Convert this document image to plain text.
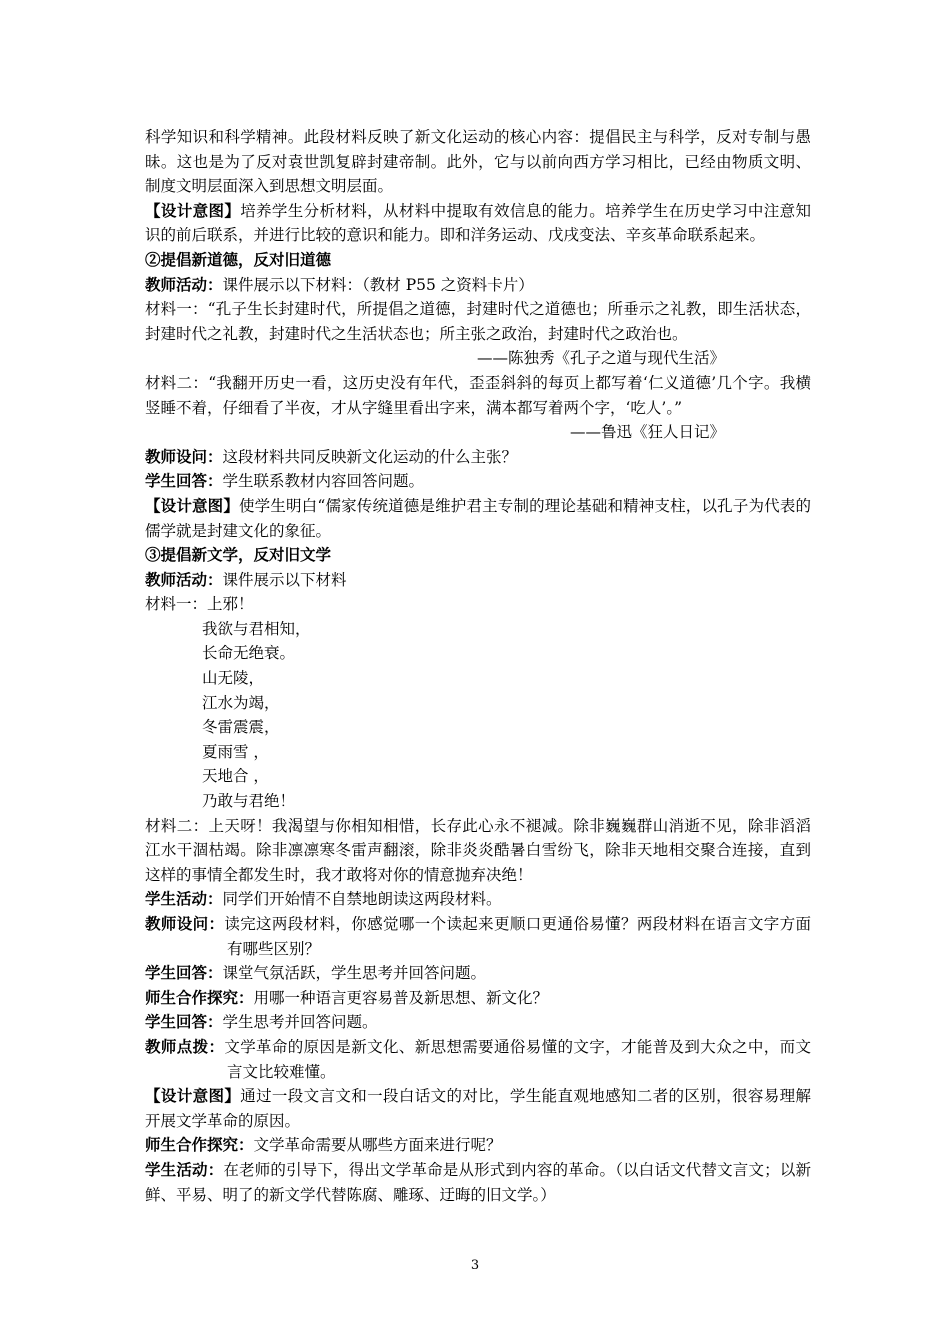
科学知识和科学精神。此段材料反映了新文化运动的核心内容：提倡民主与科学，反对专制与愚昧。这也是为了反对袁世凯复辟封建帝制。此外，它与以前向西方学习相比，已经由物质文明、制度文明层面深入到思想文明层面。

【设计意图】培养学生分析材料，从材料中提取有效信息的能力。培养学生在历史学习中注意知识的前后联系，并进行比较的意识和能力。即和洋务运动、戊戌变法、辛亥革命联系起来。

②提倡新道德，反对旧道德

教师活动：课件展示以下材料：（教材 P55 之资料卡片）

材料一：“孔子生长封建时代，所提倡之道德，封建时代之道德也；所垂示之礼教，即生活状态，封建时代之礼教，封建时代之生活状态也；所主张之政治，封建时代之政治也。

——陈独秀《孔子之道与现代生活》

材料二：“我翻开历史一看，这历史没有年代，歪歪斜斜的每页上都写着‘仁义道德’几个字。我横竖睡不着，仔细看了半夜，才从字缝里看出字来，满本都写着两个字，‘吃人’。”

——鲁迅《狂人日记》

教师设问：这段材料共同反映新文化运动的什么主张？

学生回答：学生联系教材内容回答问题。

【设计意图】使学生明白“儒家传统道德是维护君主专制的理论基础和精神支柱，以孔子为代表的儒学就是封建文化的象征。

③提倡新文学，反对旧文学

教师活动：课件展示以下材料

材料一：上邪！

我欲与君相知，

长命无绝衰。

山无陵，

江水为竭，

冬雷震震，

夏雨雪 ，

天地合 ，

乃敢与君绝！

材料二：上天呀！我渴望与你相知相惜，长存此心永不褪减。除非巍巍群山消逝不见，除非滔滔江水干涸枯竭。除非凛凛寒冬雷声翻滚，除非炎炎酷暑白雪纷飞，除非天地相交聚合连接，直到这样的事情全都发生时，我才敢将对你的情意抛弃决绝！

学生活动：同学们开始情不自禁地朗读这两段材料。

教师设问：读完这两段材料，你感觉哪一个读起来更顺口更通俗易懂？两段材料在语言文字方面有哪些区别？

学生回答：课堂气氛活跃，学生思考并回答问题。

师生合作探究：用哪一种语言更容易普及新思想、新文化？

学生回答：学生思考并回答问题。

教师点拨：文学革命的原因是新文化、新思想需要通俗易懂的文字，才能普及到大众之中，而文言文比较难懂。

【设计意图】通过一段文言文和一段白话文的对比，学生能直观地感知二者的区别，很容易理解开展文学革命的原因。

师生合作探究：文学革命需要从哪些方面来进行呢？

学生活动：在老师的引导下，得出文学革命是从形式到内容的革命。（以白话文代替文言文；以新鲜、平易、明了的新文学代替陈腐、雕琢、迂晦的旧文学。）

3
